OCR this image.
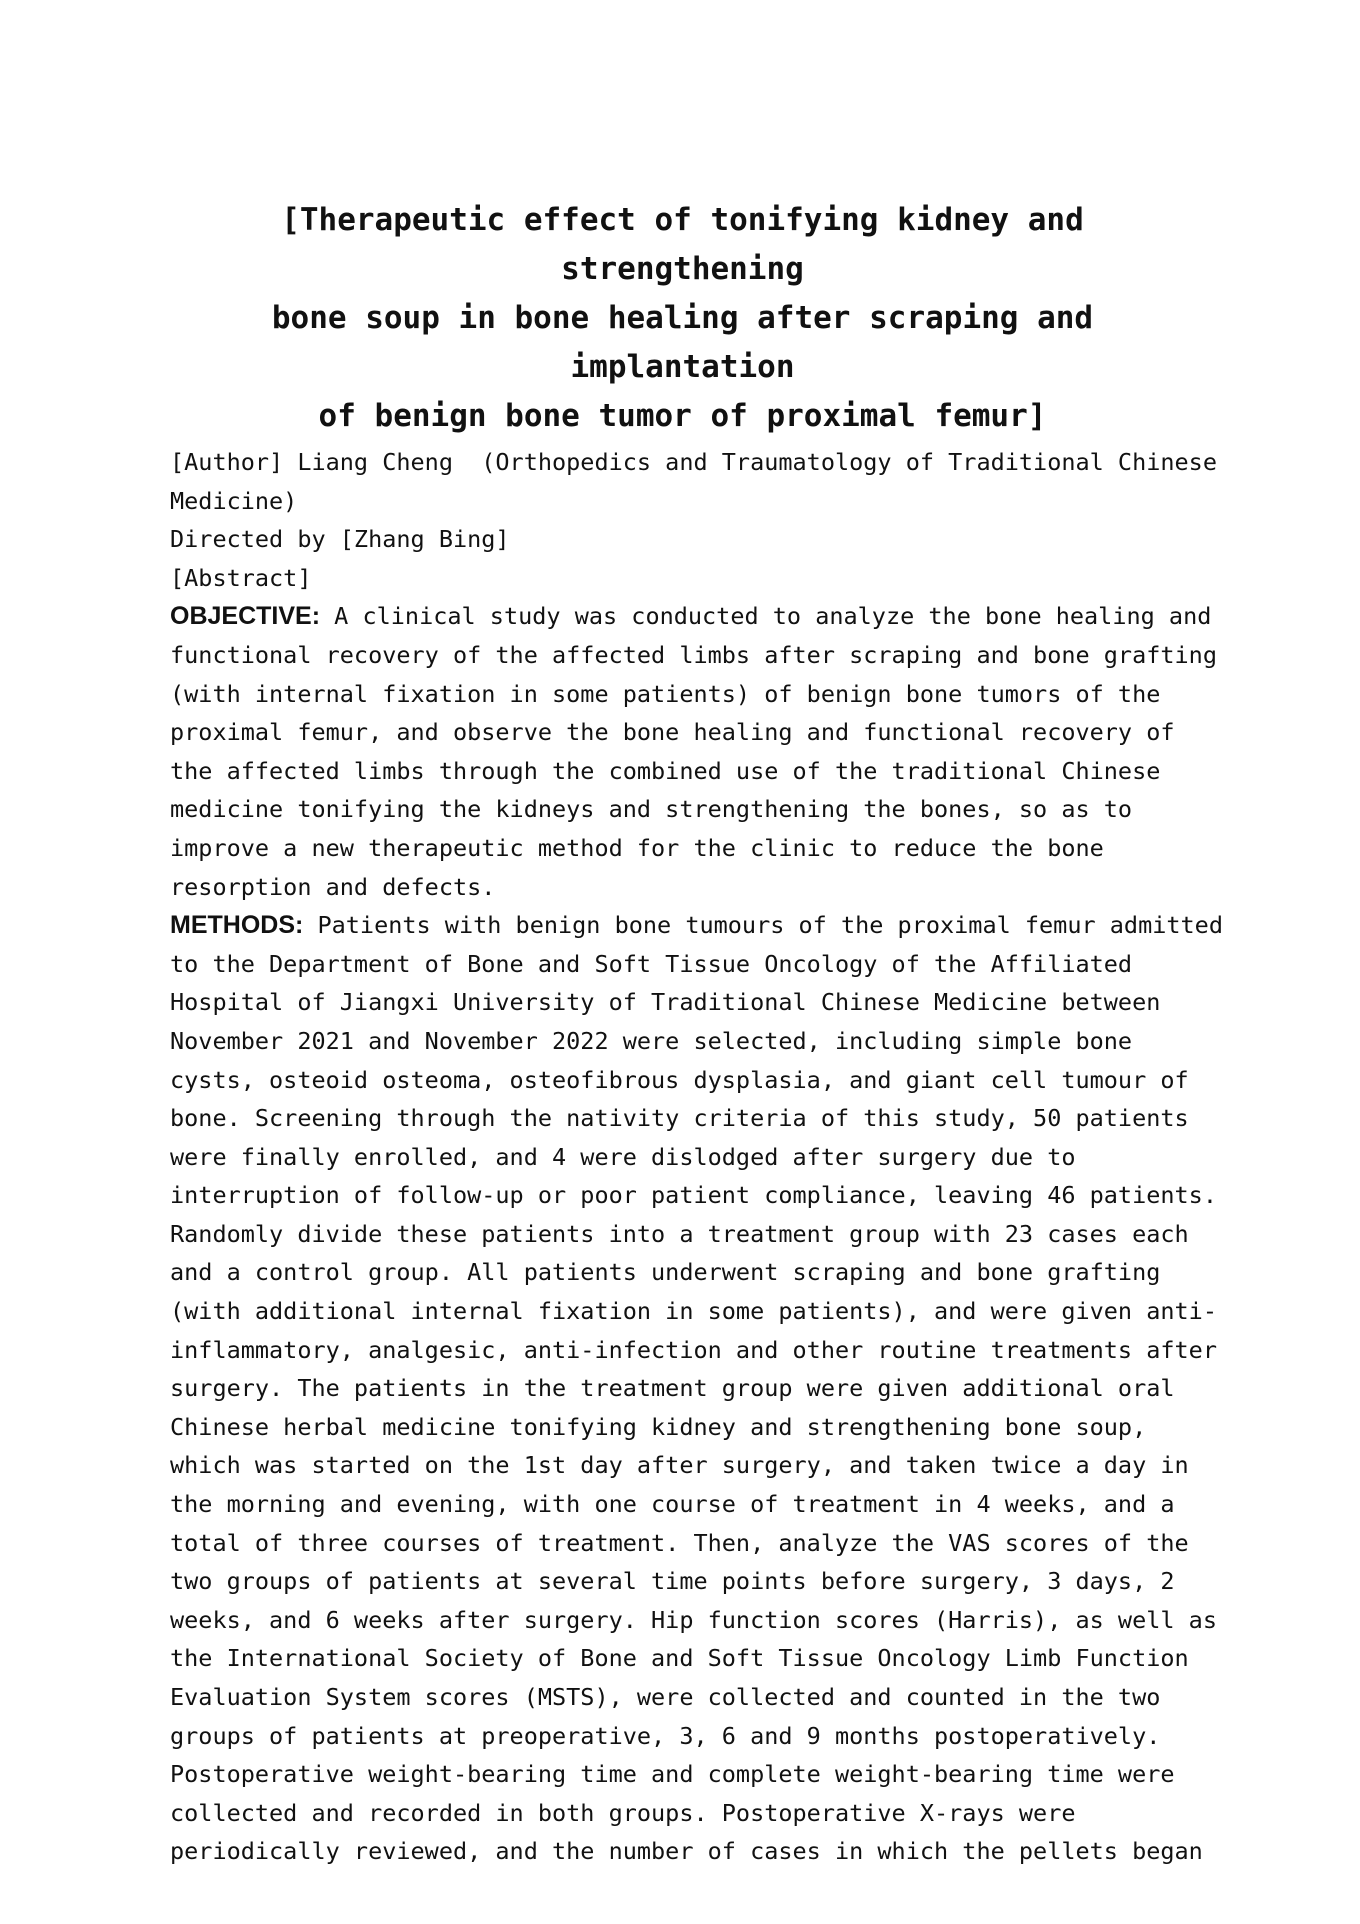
[Therapeutic effect of tonifying kidney and strengthening
bone soup in bone healing after scraping and implantation
of benign bone tumor of proximal femur]
[Author] Liang Cheng  (Orthopedics and Traumatology of Traditional Chinese
Medicine)
Directed by [Zhang Bing]
[Abstract]
OBJECTIVE: A clinical study was conducted to analyze the bone healing and
functional recovery of the affected limbs after scraping and bone grafting
(with internal fixation in some patients) of benign bone tumors of the
proximal femur, and observe the bone healing and functional recovery of
the affected limbs through the combined use of the traditional Chinese
medicine tonifying the kidneys and strengthening the bones, so as to
improve a new therapeutic method for the clinic to reduce the bone
resorption and defects.
METHODS: Patients with benign bone tumours of the proximal femur admitted
to the Department of Bone and Soft Tissue Oncology of the Affiliated
Hospital of Jiangxi University of Traditional Chinese Medicine between
November 2021 and November 2022 were selected, including simple bone
cysts, osteoid osteoma, osteofibrous dysplasia, and giant cell tumour of
bone. Screening through the nativity criteria of this study, 50 patients
were finally enrolled, and 4 were dislodged after surgery due to
interruption of follow-up or poor patient compliance, leaving 46 patients.
Randomly divide these patients into a treatment group with 23 cases each
and a control group. All patients underwent scraping and bone grafting
(with additional internal fixation in some patients), and were given anti-
inflammatory, analgesic, anti-infection and other routine treatments after
surgery. The patients in the treatment group were given additional oral
Chinese herbal medicine tonifying kidney and strengthening bone soup,
which was started on the 1st day after surgery, and taken twice a day in
the morning and evening, with one course of treatment in 4 weeks, and a
total of three courses of treatment. Then, analyze the VAS scores of the
two groups of patients at several time points before surgery, 3 days, 2
weeks, and 6 weeks after surgery. Hip function scores (Harris), as well as
the International Society of Bone and Soft Tissue Oncology Limb Function
Evaluation System scores (MSTS), were collected and counted in the two
groups of patients at preoperative, 3, 6 and 9 months postoperatively.
Postoperative weight-bearing time and complete weight-bearing time were
collected and recorded in both groups. Postoperative X-rays were
periodically reviewed, and the number of cases in which the pellets began
